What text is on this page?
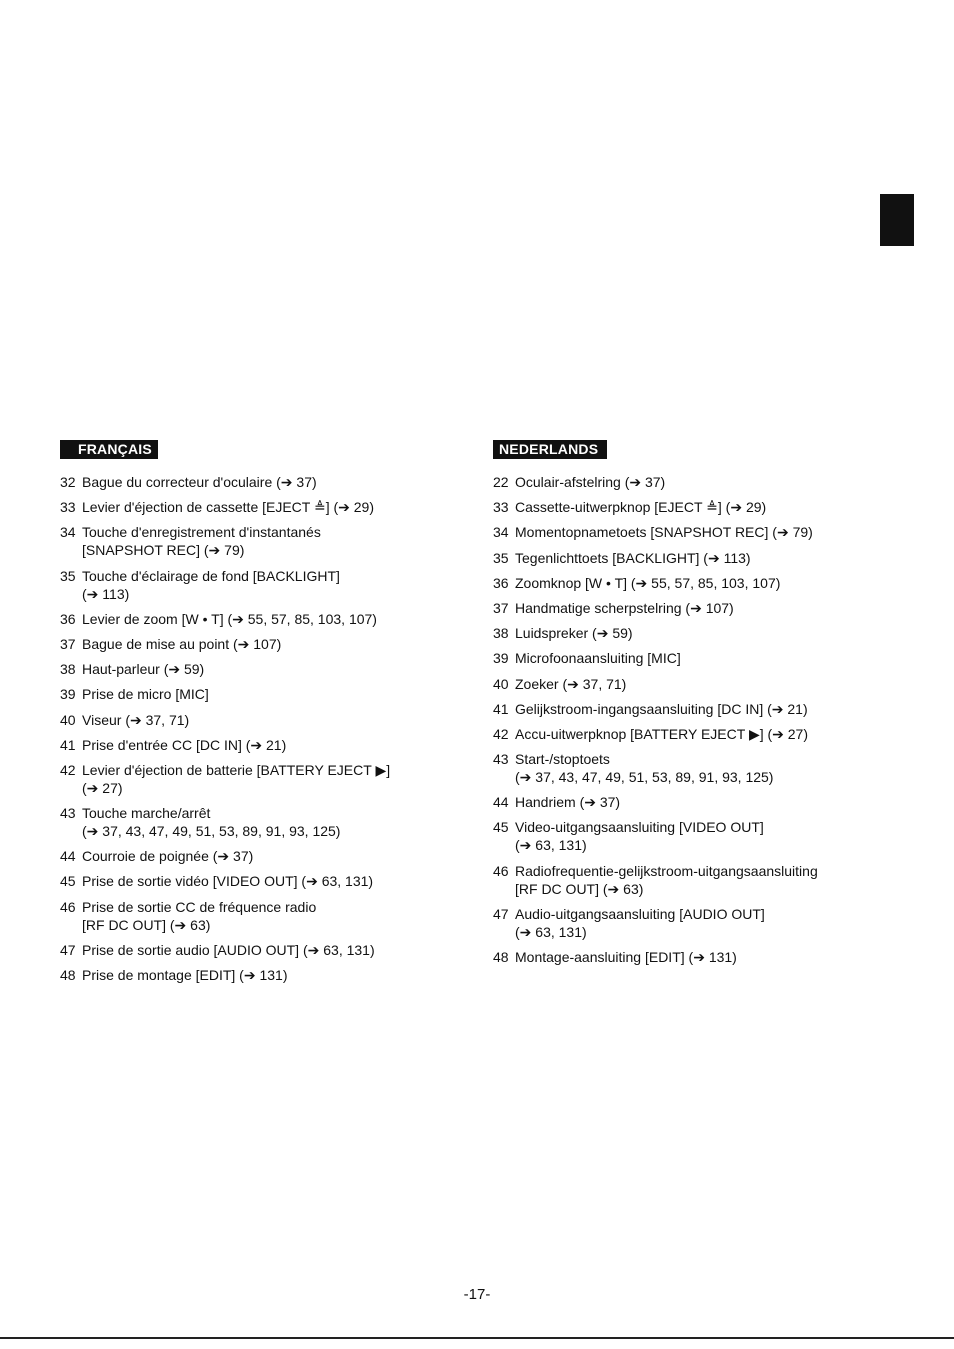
FRANÇAIS
32 Bague du correcteur d'oculaire (➔ 37)
33 Levier d'éjection de cassette [EJECT ≜] (➔ 29)
34 Touche d'enregistrement d'instantanés
[SNAPSHOT REC] (➔ 79)
35 Touche d'éclairage de fond [BACKLIGHT]
(➔ 113)
36 Levier de zoom [W • T] (➔ 55, 57, 85, 103, 107)
37 Bague de mise au point (➔ 107)
38 Haut-parleur (➔ 59)
39 Prise de micro [MIC]
40 Viseur (➔ 37, 71)
41 Prise d'entrée CC [DC IN] (➔ 21)
42 Levier d'éjection de batterie [BATTERY EJECT ▶]
(➔ 27)
43 Touche marche/arrêt
(➔ 37, 43, 47, 49, 51, 53, 89, 91, 93, 125)
44 Courroie de poignée (➔ 37)
45 Prise de sortie vidéo [VIDEO OUT] (➔ 63, 131)
46 Prise de sortie CC de fréquence radio
[RF DC OUT] (➔ 63)
47 Prise de sortie audio [AUDIO OUT] (➔ 63, 131)
48 Prise de montage [EDIT] (➔ 131)
NEDERLANDS
22 Oculair-afstelring (➔ 37)
33 Cassette-uitwerpknop [EJECT ≜] (➔ 29)
34 Momentopnametoets [SNAPSHOT REC] (➔ 79)
35 Tegenlichttoets [BACKLIGHT] (➔ 113)
36 Zoomknop [W • T] (➔ 55, 57, 85, 103, 107)
37 Handmatige scherpstelring (➔ 107)
38 Luidspreker (➔ 59)
39 Microfoonaansluiting [MIC]
40 Zoeker (➔ 37, 71)
41 Gelijkstroom-ingangsaansluiting [DC IN] (➔ 21)
42 Accu-uitwerpknop [BATTERY EJECT ▶] (➔ 27)
43 Start-/stoptoets
(➔ 37, 43, 47, 49, 51, 53, 89, 91, 93, 125)
44 Handriem (➔ 37)
45 Video-uitgangsaansluiting [VIDEO OUT]
(➔ 63, 131)
46 Radiofrequentie-gelijkstroom-uitgangsaansluiting
[RF DC OUT] (➔ 63)
47 Audio-uitgangsaansluiting [AUDIO OUT]
(➔ 63, 131)
48 Montage-aansluiting [EDIT] (➔ 131)
-17-
